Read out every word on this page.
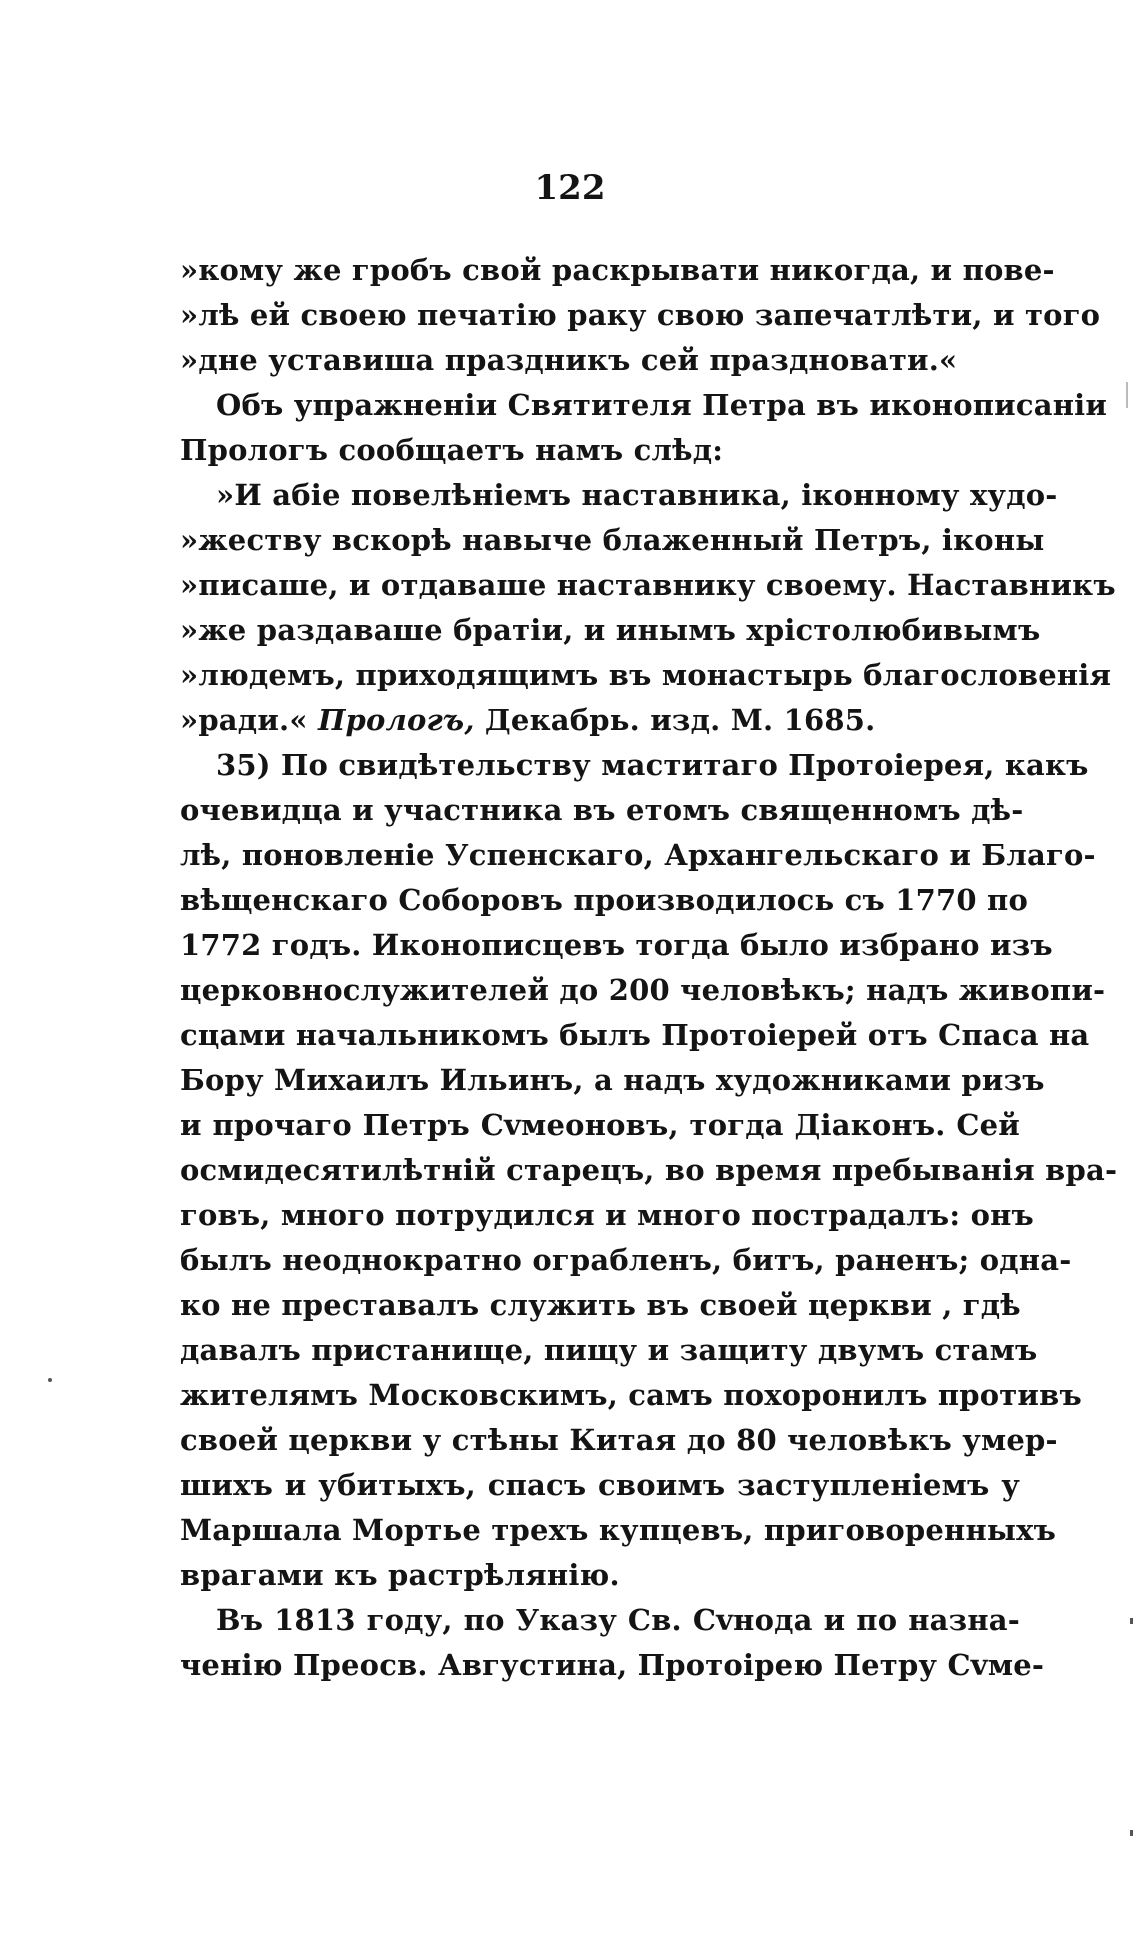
122
»кому же гробъ свой раскрывати никогда, и пове-
»лѣ ей своею печатію раку свою запечатлѣти, и того
»дне уставиша праздникъ сей праздновати.«
Объ упражненіи Святителя Петра въ иконописаніи
Прологъ сообщаетъ намъ слѣд:
»И абіе повелѣніемъ наставника, іконному худо-
»жеству вскорѣ навыче блаженный Петръ, іконы
»писаше, и отдаваше наставнику своему. Наставникъ
»же раздаваше братіи, и инымъ хрістолюбивымъ
»людемъ, приходящимъ въ монастырь благословенія
»ради.« Прологъ, Декабрь. изд. М. 1685.
35) По свидѣтельству маститаго Протоіерея, какъ
очевидца и участника въ етомъ священномъ дѣ-
лѣ, поновленіе Успенскаго, Архангельскаго и Благо-
вѣщенскаго Соборовъ производилось съ 1770 по
1772 годъ. Иконописцевъ тогда было избрано изъ
церковнослужителей до 200 человѣкъ; надъ живопи-
сцами начальникомъ былъ Протоіерей отъ Спаса на
Бору Михаилъ Ильинъ, а надъ художниками ризъ
и прочаго Петръ Сvмеоновъ, тогда Діаконъ. Сей
осмидесятилѣтній старецъ, во время пребыванія вра-
говъ, много потрудился и много пострадалъ: онъ
былъ неоднократно ограбленъ, битъ, раненъ; одна-
ко не преставалъ служить въ своей церкви , гдѣ
давалъ пристанище, пищу и защиту двумъ стамъ
жителямъ Московскимъ, самъ похоронилъ противъ
своей церкви у стѣны Китая до 80 человѣкъ умер-
шихъ и убитыхъ, спасъ своимъ заступленіемъ у
Маршала Мортье трехъ купцевъ, приговоренныхъ
врагами къ растрѣлянію.
Въ 1813 году, по Указу Св. Сvнода и по назна-
ченію Преосв. Августина, Протоірею Петру Сvме-
